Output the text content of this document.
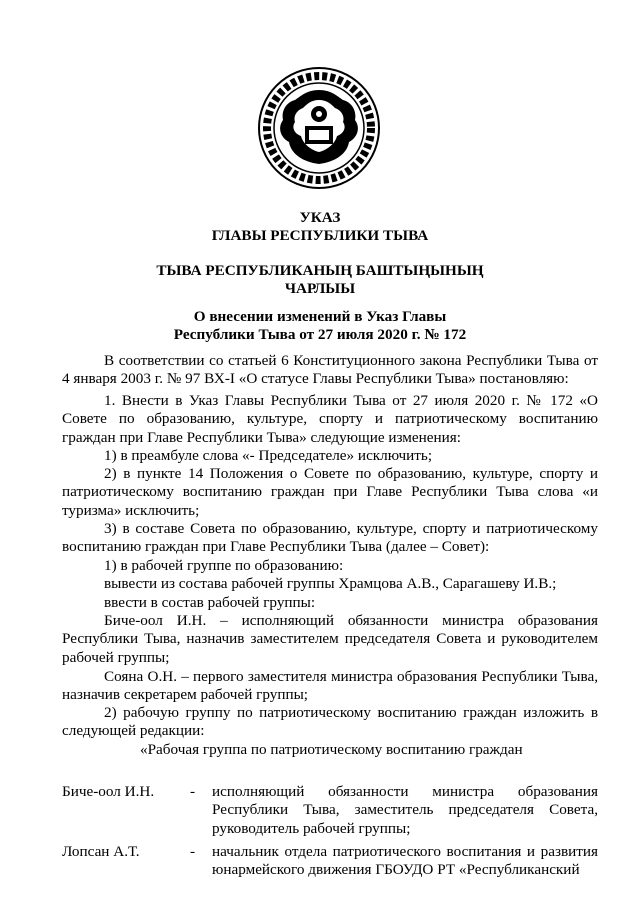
УКАЗ
ГЛАВЫ РЕСПУБЛИКИ ТЫВА
ТЫВА РЕСПУБЛИКАНЫҢ БАШТЫҢЫНЫҢ
ЧАРЛЫЫ
О внесении изменений в Указ Главы
Республики Тыва от 27 июля 2020 г. № 172
В соответствии со статьей 6 Конституционного закона Республики Тыва от 4 января 2003 г. № 97 ВХ-I «О статусе Главы Республики Тыва» постановляю:
1. Внести в Указ Главы Республики Тыва от 27 июля 2020 г. № 172 «О Совете по образованию, культуре, спорту и патриотическому воспитанию граждан при Главе Республики Тыва» следующие изменения:
1) в преамбуле слова «- Председателе» исключить;
2) в пункте 14 Положения о Совете по образованию, культуре, спорту и патриотическому воспитанию граждан при Главе Республики Тыва слова «и туризма» исключить;
3) в составе Совета по образованию, культуре, спорту и патриотическому воспитанию граждан при Главе Республики Тыва (далее – Совет):
1) в рабочей группе по образованию:
вывести из состава рабочей группы Храмцова А.В., Сарагашеву И.В.;
ввести в состав рабочей группы:
Биче-оол И.Н. – исполняющий обязанности министра образования Республики Тыва, назначив заместителем председателя Совета и руководителем рабочей группы;
Сояна О.Н. – первого заместителя министра образования Республики Тыва, назначив секретарем рабочей группы;
2) рабочую группу по патриотическому воспитанию граждан изложить в следующей редакции:
«Рабочая группа по патриотическому воспитанию граждан
Биче-оол И.Н. - исполняющий обязанности министра образования Республики Тыва, заместитель председателя Совета, руководитель рабочей группы;
Лопсан А.Т.	- начальник отдела патриотического воспитания и развития юнармейского движения ГБОУДО РТ «Республиканский
